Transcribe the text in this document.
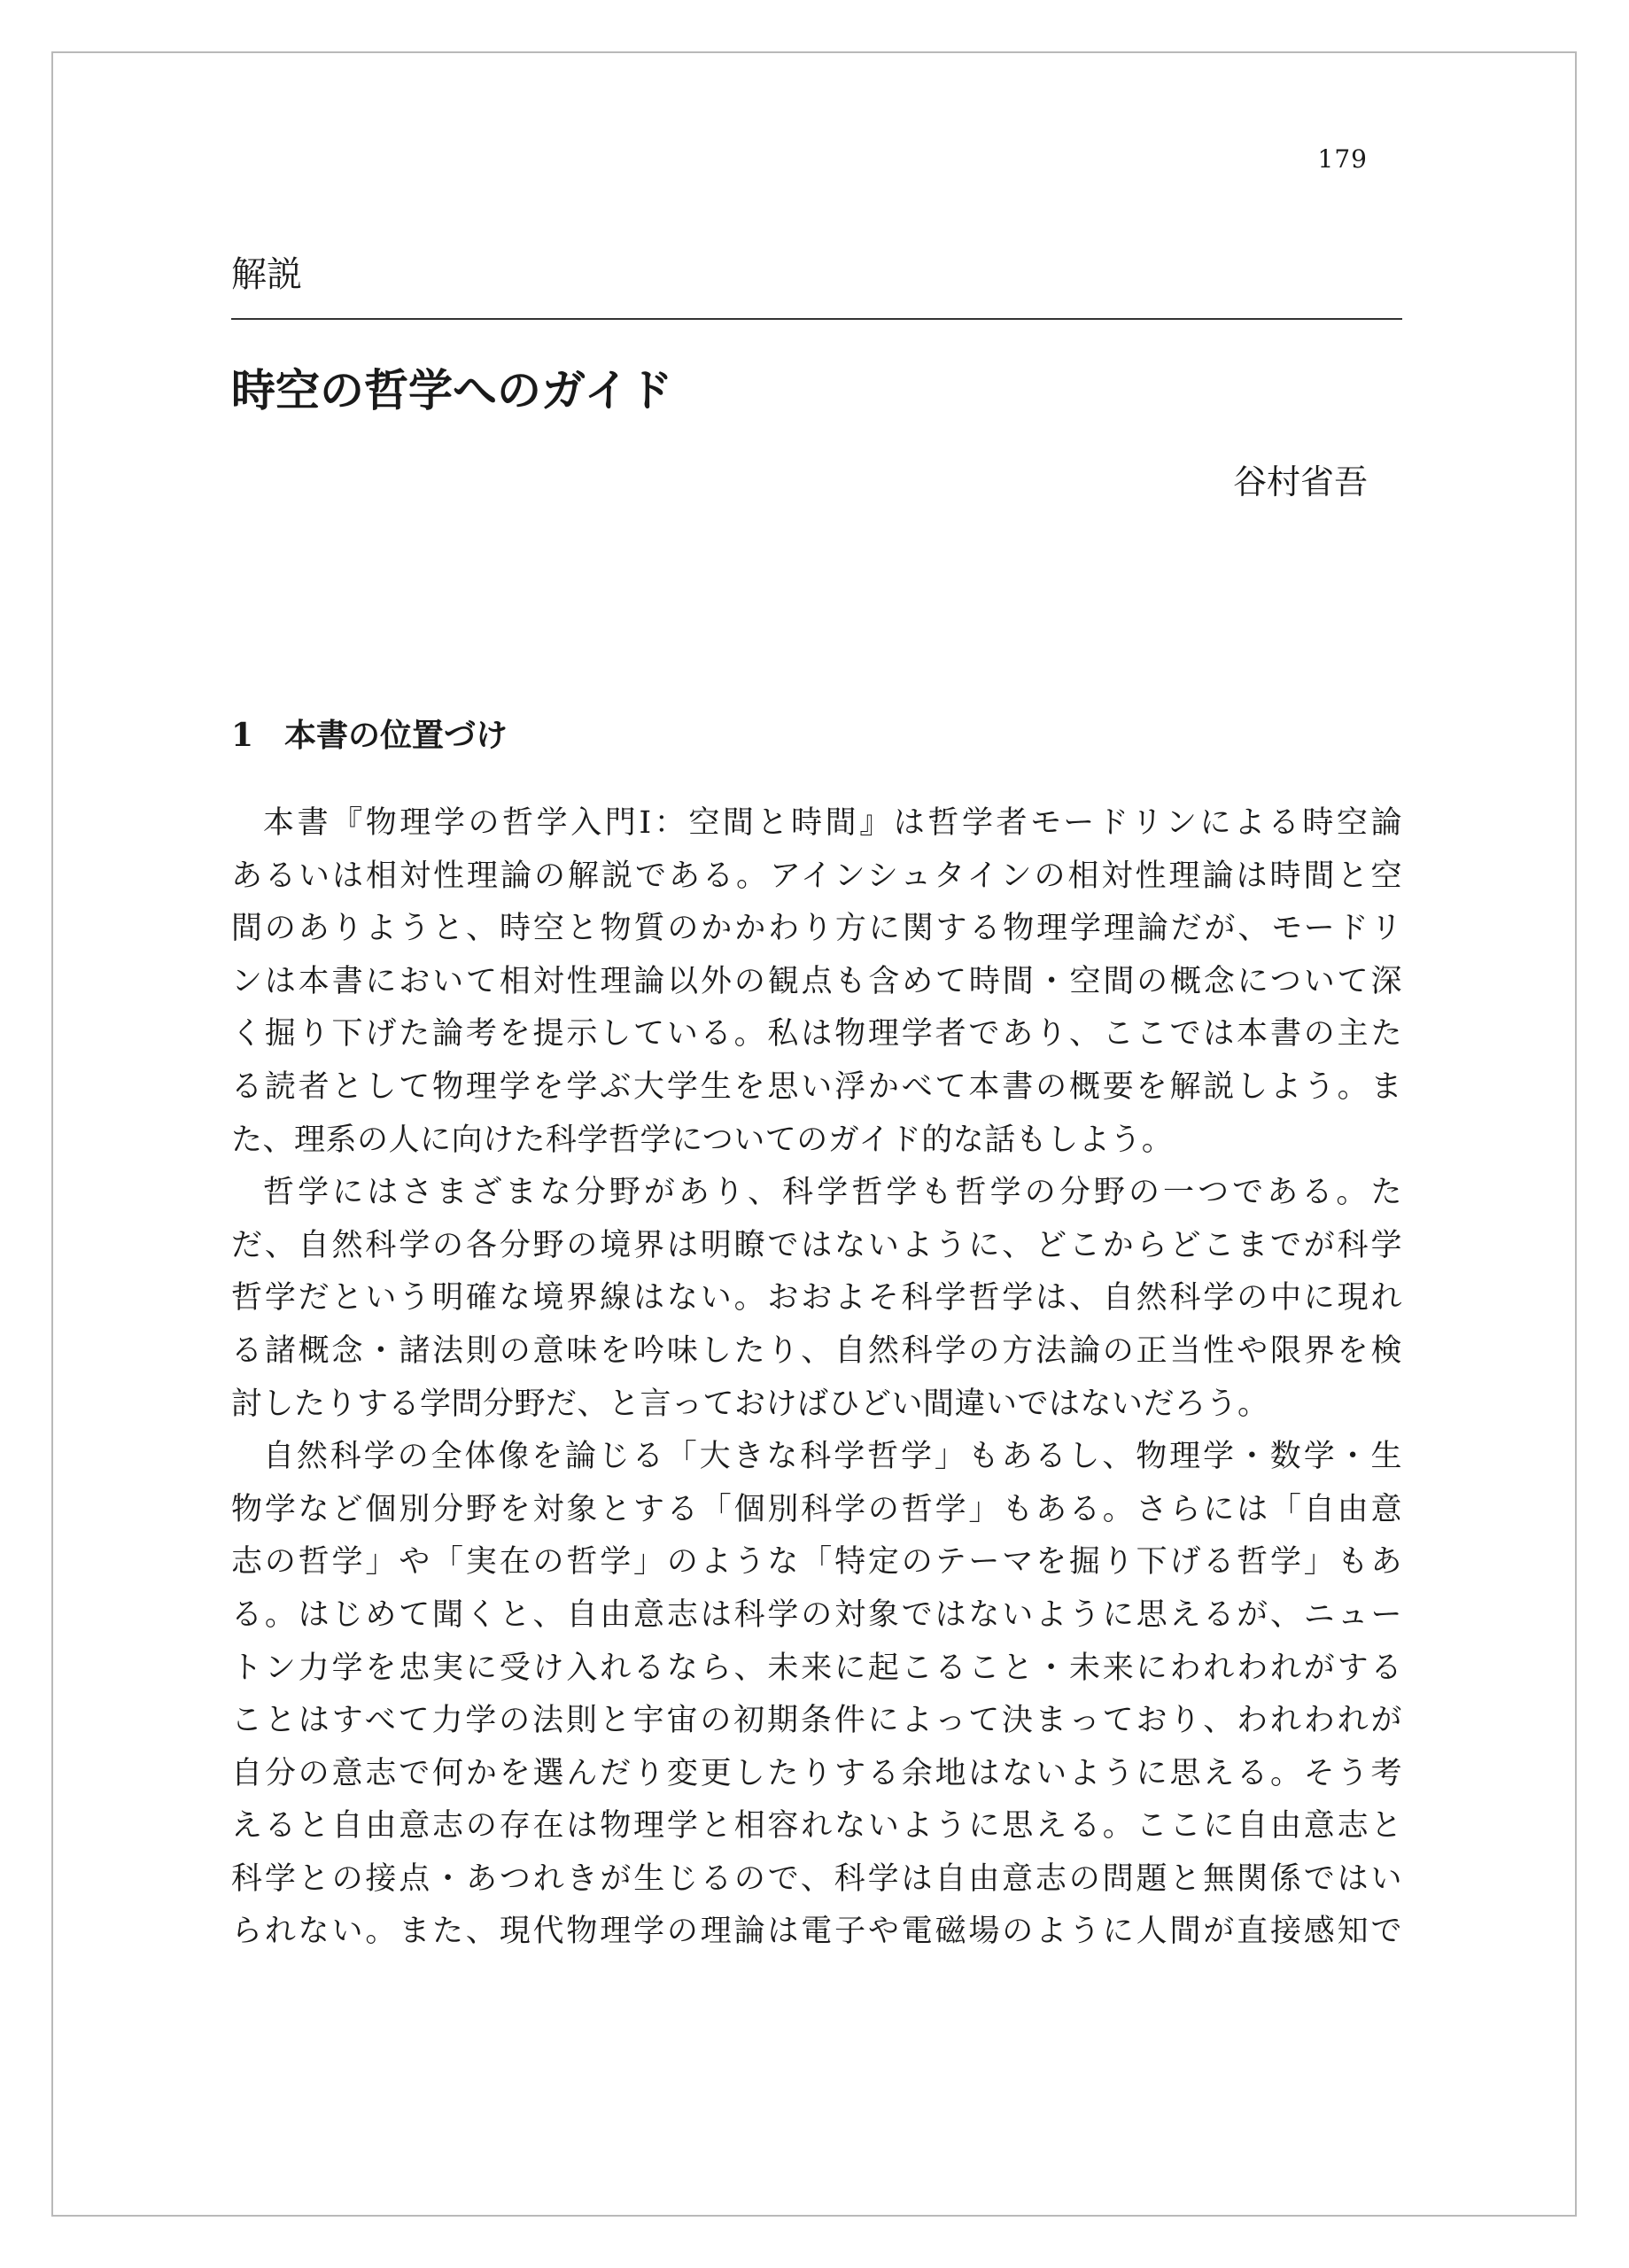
179
解説
時空の哲学へのガイド
谷村省吾
1 本書の位置づけ
本書『物理学の哲学入門Ⅰ：空間と時間』は哲学者モードリンによる時空論
あるいは相対性理論の解説である。アインシュタインの相対性理論は時間と空
間のありようと、時空と物質のかかわり方に関する物理学理論だが、モードリ
ンは本書において相対性理論以外の観点も含めて時間・空間の概念について深
く掘り下げた論考を提示している。私は物理学者であり、ここでは本書の主た
る読者として物理学を学ぶ大学生を思い浮かべて本書の概要を解説しよう。ま
た、理系の人に向けた科学哲学についてのガイド的な話もしよう。
哲学にはさまざまな分野があり、科学哲学も哲学の分野の一つである。た
だ、自然科学の各分野の境界は明瞭ではないように、どこからどこまでが科学
哲学だという明確な境界線はない。おおよそ科学哲学は、自然科学の中に現れ
る諸概念・諸法則の意味を吟味したり、自然科学の方法論の正当性や限界を検
討したりする学問分野だ、と言っておけばひどい間違いではないだろう。
自然科学の全体像を論じる「大きな科学哲学」もあるし、物理学・数学・生
物学など個別分野を対象とする「個別科学の哲学」もある。さらには「自由意
志の哲学」や「実在の哲学」のような「特定のテーマを掘り下げる哲学」もあ
る。はじめて聞くと、自由意志は科学の対象ではないように思えるが、ニュー
トン力学を忠実に受け入れるなら、未来に起こること・未来にわれわれがする
ことはすべて力学の法則と宇宙の初期条件によって決まっており、われわれが
自分の意志で何かを選んだり変更したりする余地はないように思える。そう考
えると自由意志の存在は物理学と相容れないように思える。ここに自由意志と
科学との接点・あつれきが生じるので、科学は自由意志の問題と無関係ではい
られない。また、現代物理学の理論は電子や電磁場のように人間が直接感知で
